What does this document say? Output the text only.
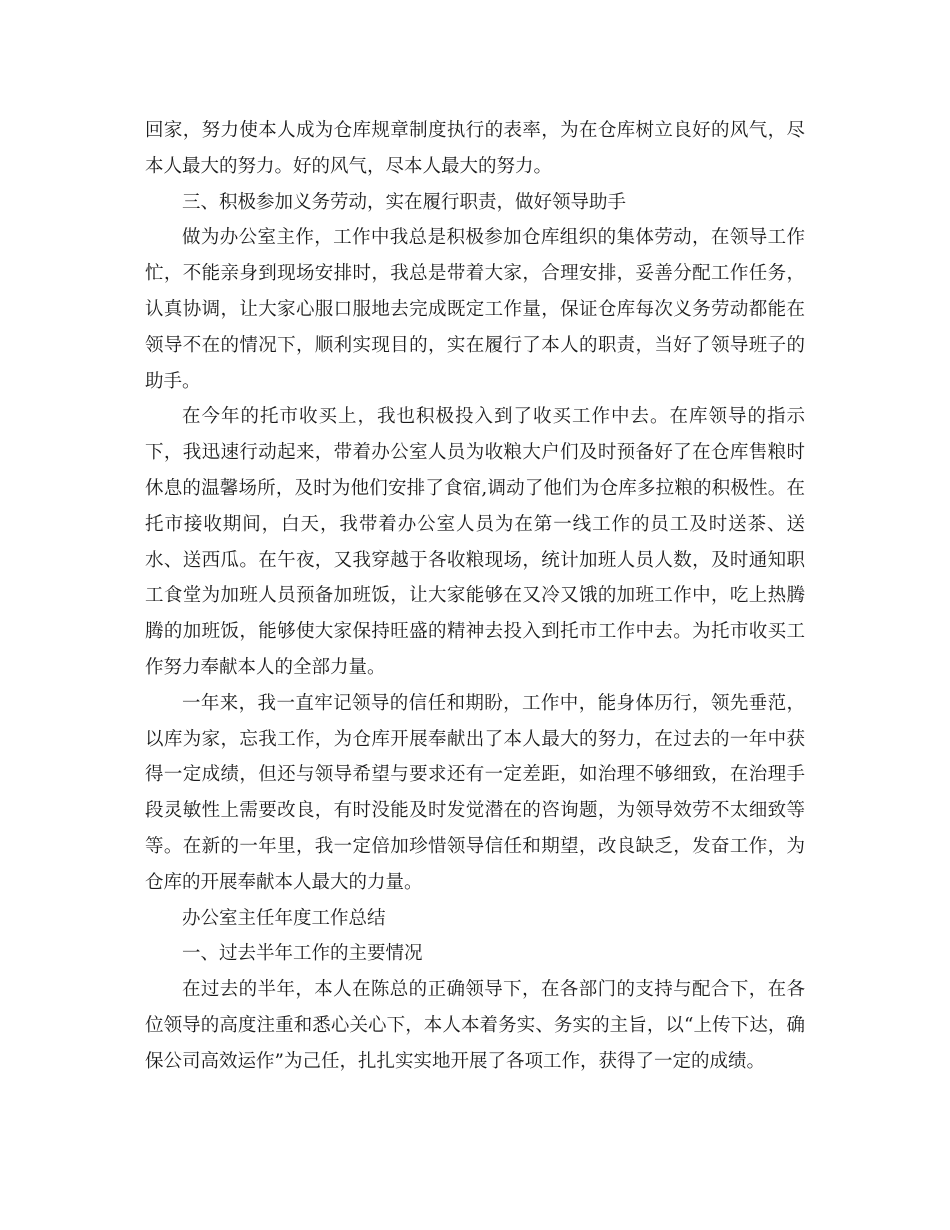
回家，努力使本人成为仓库规章制度执行的表率，为在仓库树立良好的风气，尽本人最大的努力。好的风气，尽本人最大的努力。

三、积极参加义务劳动，实在履行职责，做好领导助手

做为办公室主作，工作中我总是积极参加仓库组织的集体劳动，在领导工作忙，不能亲身到现场安排时，我总是带着大家，合理安排，妥善分配工作任务，认真协调，让大家心服口服地去完成既定工作量，保证仓库每次义务劳动都能在领导不在的情况下，顺利实现目的，实在履行了本人的职责，当好了领导班子的助手。

在今年的托市收买上，我也积极投入到了收买工作中去。在库领导的指示下，我迅速行动起来，带着办公室人员为收粮大户们及时预备好了在仓库售粮时休息的温馨场所，及时为他们安排了食宿,调动了他们为仓库多拉粮的积极性。在托市接收期间，白天，我带着办公室人员为在第一线工作的员工及时送茶、送水、送西瓜。在午夜，又我穿越于各收粮现场，统计加班人员人数，及时通知职工食堂为加班人员预备加班饭，让大家能够在又冷又饿的加班工作中，吃上热腾腾的加班饭，能够使大家保持旺盛的精神去投入到托市工作中去。为托市收买工作努力奉献本人的全部力量。

一年来，我一直牢记领导的信任和期盼，工作中，能身体历行，领先垂范，以库为家，忘我工作，为仓库开展奉献出了本人最大的努力，在过去的一年中获得一定成绩，但还与领导希望与要求还有一定差距，如治理不够细致，在治理手段灵敏性上需要改良，有时没能及时发觉潜在的咨询题，为领导效劳不太细致等等。在新的一年里，我一定倍加珍惜领导信任和期望，改良缺乏，发奋工作，为仓库的开展奉献本人最大的力量。

办公室主任年度工作总结

一、过去半年工作的主要情况

在过去的半年，本人在陈总的正确领导下，在各部门的支持与配合下，在各位领导的高度注重和悉心关心下，本人本着务实、务实的主旨，以“上传下达，确保公司高效运作”为己任，扎扎实实地开展了各项工作，获得了一定的成绩。
